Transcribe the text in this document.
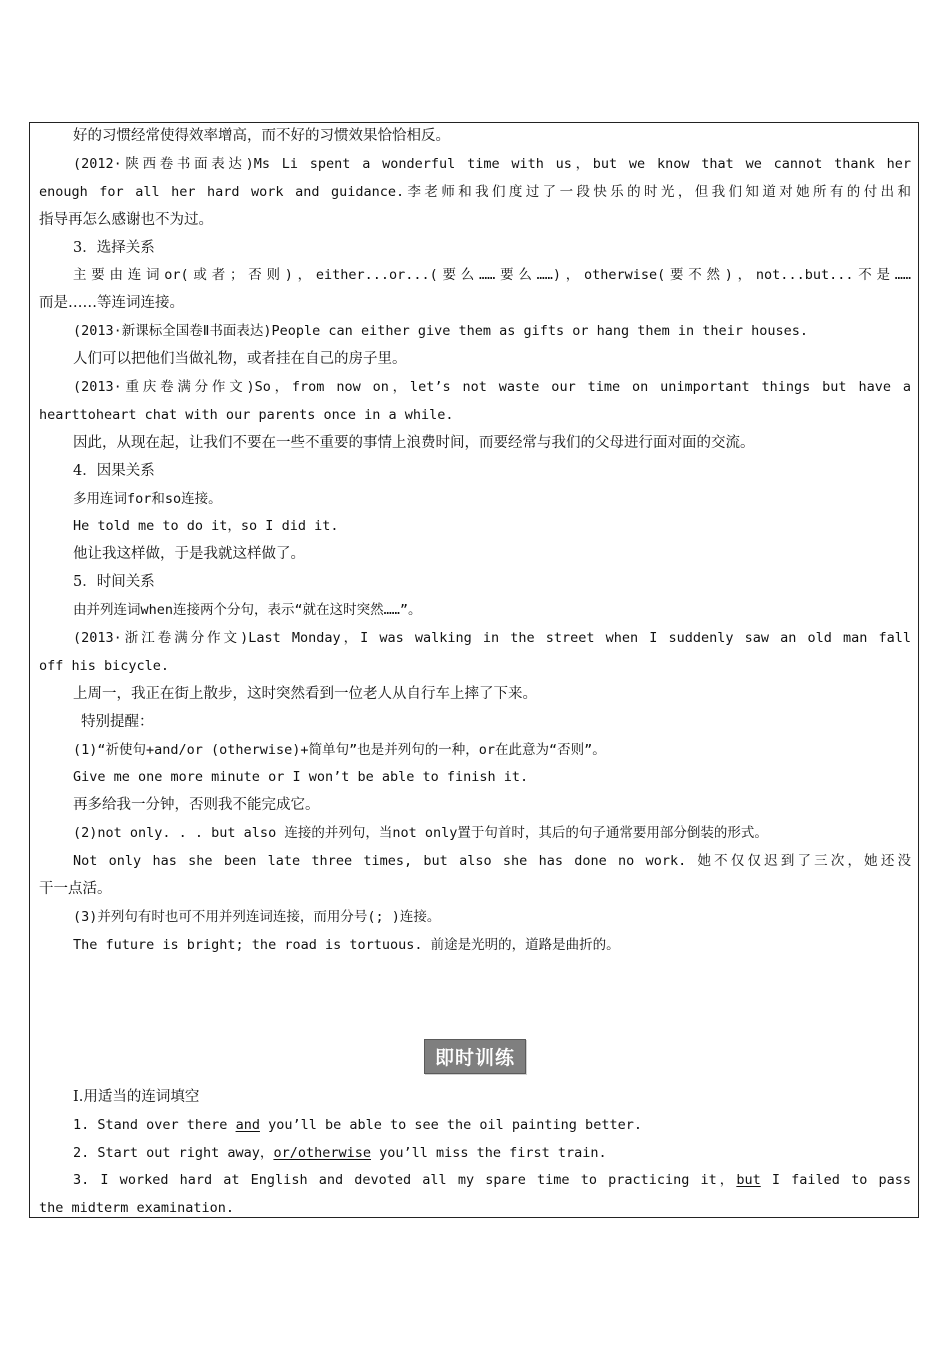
好的习惯经常使得效率增高，而不好的习惯效果恰恰相反。
(2012·陕西卷书面表达)Ms Li spent a wonderful time with us，but we know that we cannot thank her
enough for all her hard work and guidance.李老师和我们度过了一段快乐的时光，但我们知道对她所有的付出和
指导再怎么感谢也不为过。
3．选择关系
主要由连词or(或者；否则)，either...or...(要么……要么……)，otherwise(要不然)，not...but...不是……
而是……等连词连接。
(2013·新课标全国卷Ⅱ书面表达)People can either give them as gifts or hang them in their houses.
人们可以把他们当做礼物，或者挂在自己的房子里。
(2013·重庆卷满分作文)So，from now on，let’s not waste our time on unimportant things but have a
hearttoheart chat with our parents once in a while.
因此，从现在起，让我们不要在一些不重要的事情上浪费时间，而要经常与我们的父母进行面对面的交流。
4．因果关系
多用连词for和so连接。
He told me to do it，so I did it.
他让我这样做，于是我就这样做了。
5．时间关系
由并列连词when连接两个分句，表示“就在这时突然……”。
(2013·浙江卷满分作文)Last Monday，I was walking in the street when I suddenly saw an old man fall
off his bicycle.
上周一，我正在街上散步，这时突然看到一位老人从自行车上摔了下来。
特别提醒：
(1)“祈使句+and/or (otherwise)+简单句”也是并列句的一种，or在此意为“否则”。
Give me one more minute or I won’t be able to finish it.
再多给我一分钟，否则我不能完成它。
(2)not only. . . but also 连接的并列句，当not only置于句首时，其后的句子通常要用部分倒装的形式。
Not only has she been late three times, but also she has done no work. 她不仅仅迟到了三次，她还没
干一点活。
(3)并列句有时也可不用并列连词连接，而用分号(; )连接。
The future is bright; the road is tortuous. 前途是光明的，道路是曲折的。
即时训练
Ⅰ.用适当的连词填空
1. Stand over there and you’ll be able to see the oil painting better.
2. Start out right away，or/otherwise you’ll miss the first train.
3. I worked hard at English and devoted all my spare time to practicing it，but I failed to pass
the midterm examination.
